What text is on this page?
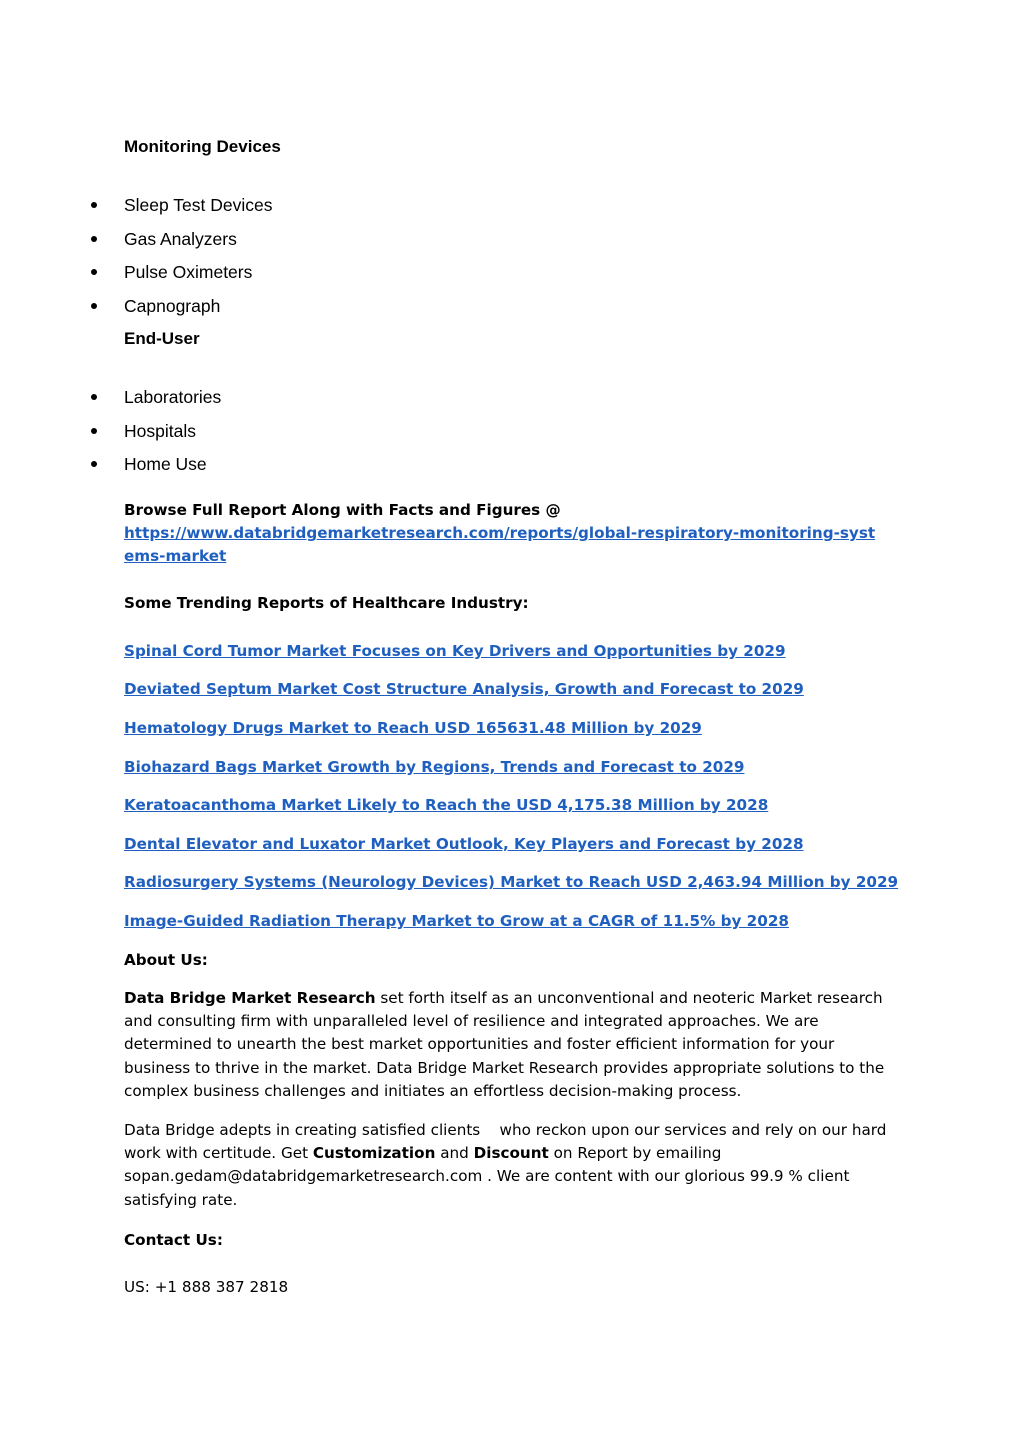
Monitoring Devices
Sleep Test Devices
Gas Analyzers
Pulse Oximeters
Capnograph
End-User
Laboratories
Hospitals
Home Use
Browse Full Report Along with Facts and Figures @
https://www.databridgemarketresearch.com/reports/global-respiratory-monitoring-systems-market
Some Trending Reports of Healthcare Industry:
Spinal Cord Tumor Market Focuses on Key Drivers and Opportunities by 2029
Deviated Septum Market Cost Structure Analysis, Growth and Forecast to 2029
Hematology Drugs Market to Reach USD 165631.48 Million by 2029
Biohazard Bags Market Growth by Regions, Trends and Forecast to 2029
Keratoacanthoma Market Likely to Reach the USD 4,175.38 Million by 2028
Dental Elevator and Luxator Market Outlook, Key Players and Forecast by 2028
Radiosurgery Systems (Neurology Devices) Market to Reach USD 2,463.94 Million by 2029
Image-Guided Radiation Therapy Market to Grow at a CAGR of 11.5% by 2028
About Us:
Data Bridge Market Research set forth itself as an unconventional and neoteric Market research and consulting firm with unparalleled level of resilience and integrated approaches. We are determined to unearth the best market opportunities and foster efficient information for your business to thrive in the market. Data Bridge Market Research provides appropriate solutions to the complex business challenges and initiates an effortless decision-making process.
Data Bridge adepts in creating satisfied clients    who reckon upon our services and rely on our hard work with certitude. Get Customization and Discount on Report by emailing sopan.gedam@databridgemarketresearch.com . We are content with our glorious 99.9 % client satisfying rate.
Contact Us:
US: +1 888 387 2818
